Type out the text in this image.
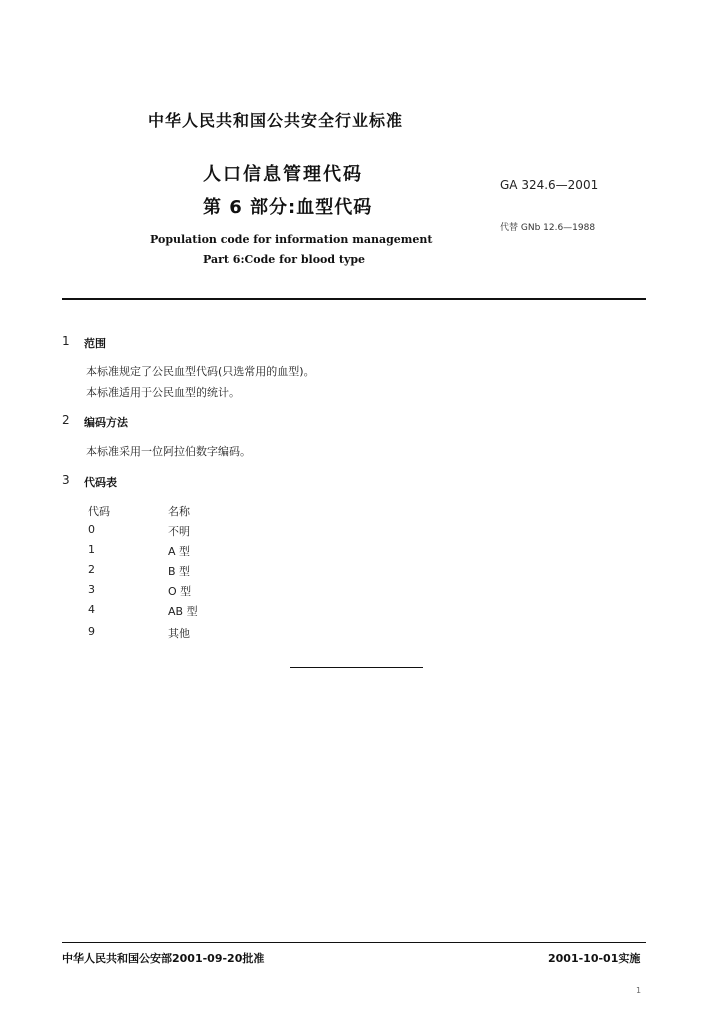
中华人民共和国公共安全行业标准
人口信息管理代码
第 6 部分:血型代码
Population code for information management
Part 6:Code for blood type
GA 324.6—2001
代替 GNb 12.6—1988
1 范围
本标准规定了公民血型代码(只选常用的血型)。
本标准适用于公民血型的统计。
2 编码方法
本标准采用一位阿拉伯数字编码。
3 代码表
代码	名称
0	不明
1	A 型
2	B 型
3	O 型
4	AB 型
9	其他
中华人民共和国公安部2001-09-20批准	2001-10-01实施
1
